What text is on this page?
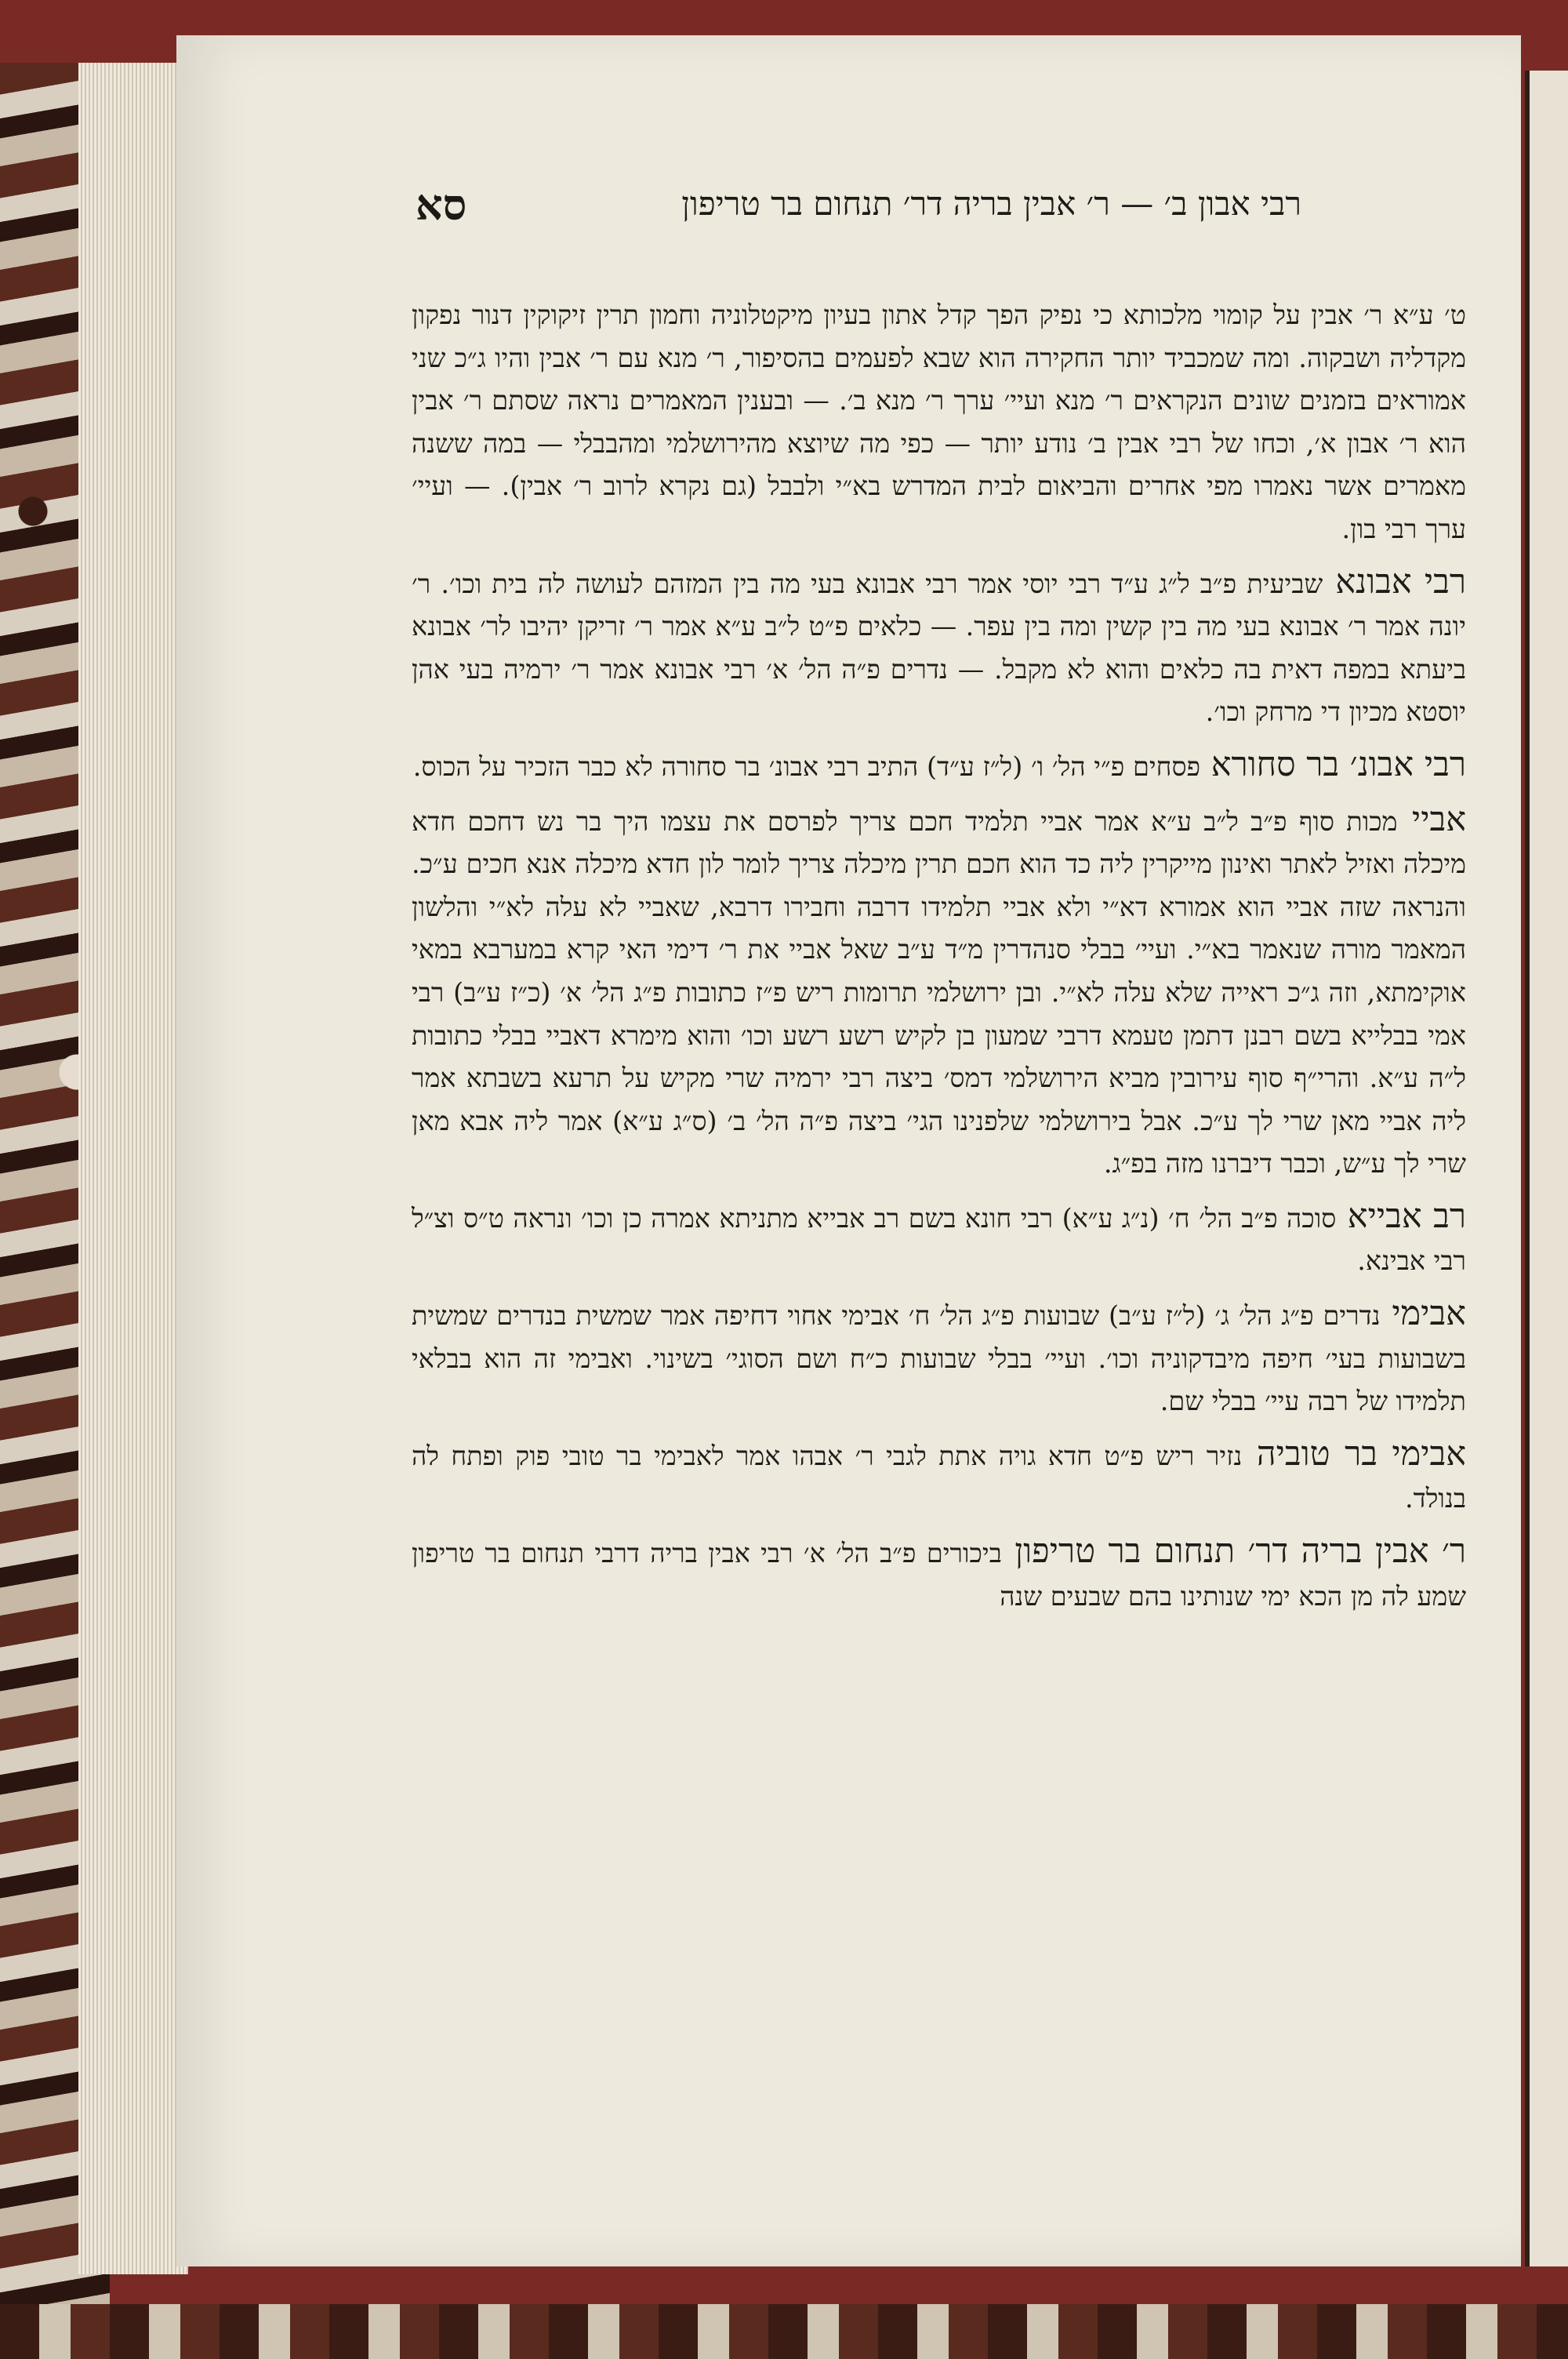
רבי אבון ב׳ — ר׳ אבין בריה דר׳ תנחום בר טריפון
סא

ט׳ ע״א ר׳ אבין על קומוי מלכותא כי נפיק הפך קדל אתון בעיון מיקטלוניה וחמון תרין זיקוקין דנור נפקון מקדליה ושבקוה. ומה שמכביד יותר החקירה הוא שבא לפעמים בהסיפור, ר׳ מנא עם ר׳ אבין והיו ג״כ שני אמוראים בזמנים שונים הנקראים ר׳ מנא ועיי׳ ערך ר׳ מנא ב׳. — ובענין המאמרים נראה שסתם ר׳ אבין הוא ר׳ אבון א׳, וכחו של רבי אבין ב׳ נודע יותר — כפי מה שיוצא מהירושלמי ומהבבלי — במה ששנה מאמרים אשר נאמרו מפי אחרים והביאום לבית המדרש בא״י ולבבל (גם נקרא לרוב ר׳ אבין). — ועיי׳ ערך רבי בון.

רבי אבונא שביעית פ״ב ל״ג ע״ד רבי יוסי אמר רבי אבונא בעי מה בין המזהם לעושה לה בית וכו׳. ר׳ יונה אמר ר׳ אבונא בעי מה בין קשין ומה בין עפר. — כלאים פ״ט ל״ב ע״א אמר ר׳ זריקן יהיבו לר׳ אבונא ביעתא במפה דאית בה כלאים והוא לא מקבל. — נדרים פ״ה הל׳ א׳ רבי אבונא אמר ר׳ ירמיה בעי אהן יוסטא מכיון די מרחק וכו׳.

רבי אבונ׳ בר סחורא פסחים פ״י הל׳ ו׳ (ל״ז ע״ד) התיב רבי אבונ׳ בר סחורה לא כבר הזכיר על הכוס.

אביי מכות סוף פ״ב ל״ב ע״א אמר אביי תלמיד חכם צריך לפרסם את עצמו היך בר נש דחכם חדא מיכלה ואזיל לאתר ואינון מייקרין ליה כד הוא חכם תרין מיכלה צריך לומר לון חדא מיכלה אנא חכים ע״כ. והנראה שזה אביי הוא אמורא דא״י ולא אביי תלמידו דרבה וחבירו דרבא, שאביי לא עלה לא״י והלשון המאמר מורה שנאמר בא״י. ועיי׳ בבלי סנהדרין מ״ד ע״ב שאל אביי את ר׳ דימי האי קרא במערבא במאי אוקימתא, וזה ג״כ ראייה שלא עלה לא״י. ובן ירושלמי תרומות ריש פ״ז כתובות פ״ג הל׳ א׳ (כ״ז ע״ב) רבי אמי בבלייא בשם רבנן דתמן טעמא דרבי שמעון בן לקיש רשע רשע וכו׳ והוא מימרא דאביי בבלי כתובות ל״ה ע״א. והרי״ף סוף עירובין מביא הירושלמי דמס׳ ביצה רבי ירמיה שרי מקיש על תרעא בשבתא אמר ליה אביי מאן שרי לך ע״כ. אבל בירושלמי שלפנינו הגי׳ ביצה פ״ה הל׳ ב׳ (ס״ג ע״א) אמר ליה אבא מאן שרי לך ע״ש, וכבר דיברנו מזה בפ״ג.

רב אבייא סוכה פ״ב הל׳ ח׳ (נ״ג ע״א) רבי חונא בשם רב אבייא מתניתא אמרה כן וכו׳ ונראה ט״ס וצ״ל רבי אבינא.

אבימי נדרים פ״ג הל׳ ג׳ (ל״ז ע״ב) שבועות פ״ג הל׳ ח׳ אבימי אחוי דחיפה אמר שמשית בנדרים שמשית בשבועות בעי׳ חיפה מיבדקוניה וכו׳. ועיי׳ בבלי שבועות כ״ח ושם הסוגי׳ בשינוי. ואבימי זה הוא בבלאי תלמידו של רבה עיי׳ בבלי שם.

אבימי בר טוביה נזיר ריש פ״ט חדא גויה אתת לגבי ר׳ אבהו אמר לאבימי בר טובי פוק ופתח לה בנולד.

ר׳ אבין בריה דר׳ תנחום בר טריפון ביכורים פ״ב הל׳ א׳ רבי אבין בריה דרבי תנחום בר טריפון שמע לה מן הכא ימי שנותינו בהם שבעים שנה
